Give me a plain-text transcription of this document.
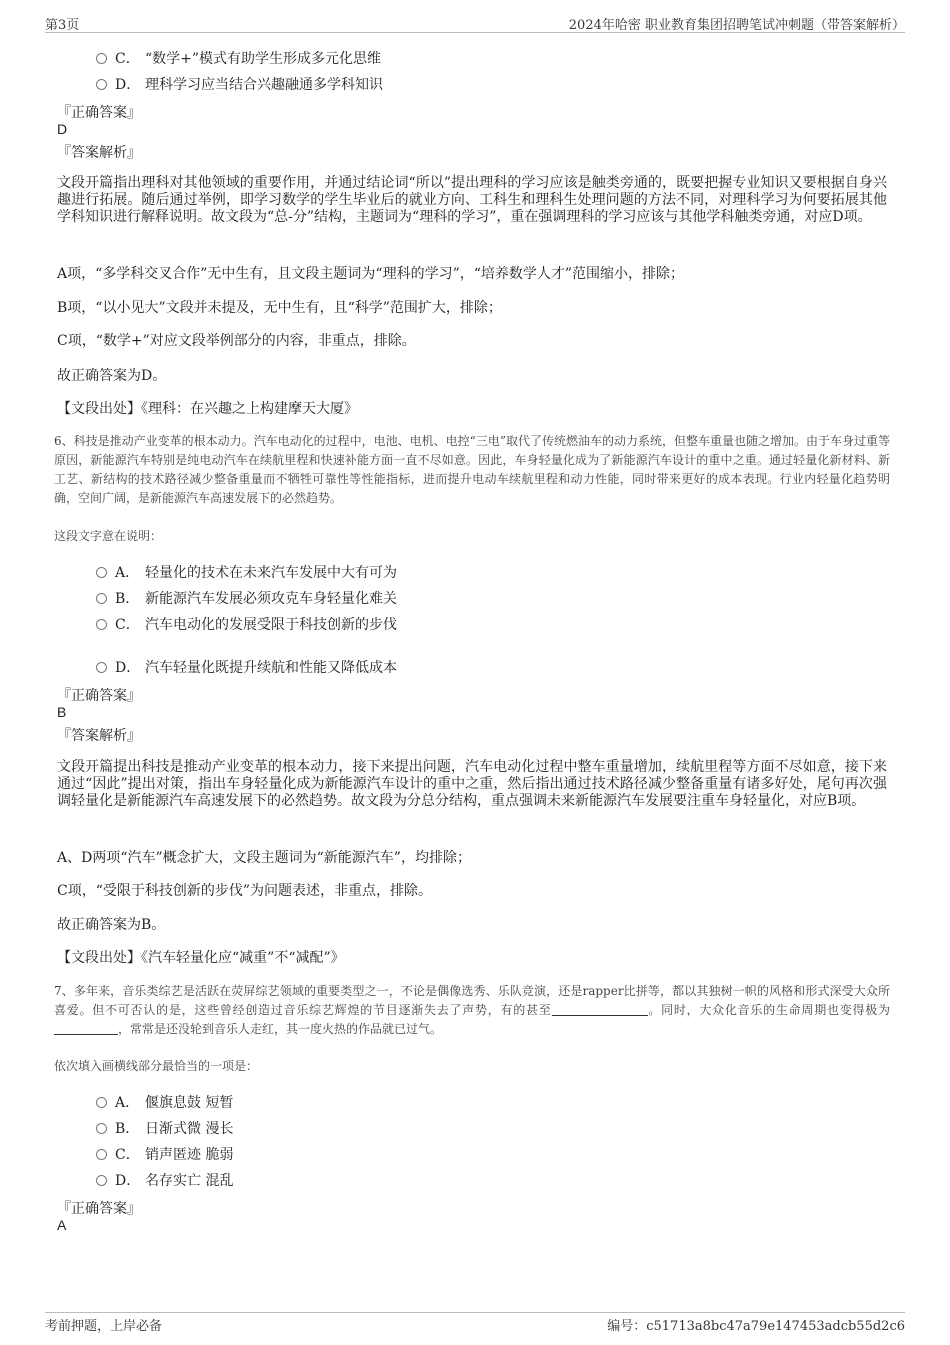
第3页	2024年哈密 职业教育集团招聘笔试冲刺题（带答案解析）
C． “数学+”模式有助学生形成多元化思维
D． 理科学习应当结合兴趣融通多学科知识
『正确答案』
D
『答案解析』
文段开篇指出理科对其他领域的重要作用，并通过结论词“所以”提出理科的学习应该是触类旁通的，既要把握专业知识又要根据自身兴趣进行拓展。随后通过举例，即学习数学的学生毕业后的就业方向、工科生和理科生处理问题的方法不同，对理科学习为何要拓展其他学科知识进行解释说明。故文段为“总-分”结构，主题词为“理科的学习”，重在强调理科的学习应该与其他学科触类旁通，对应D项。
A项，“多学科交叉合作”无中生有，且文段主题词为“理科的学习”，“培养数学人才”范围缩小，排除；
B项，“以小见大”文段并未提及，无中生有，且“科学”范围扩大，排除；
C项，“数学+”对应文段举例部分的内容，非重点，排除。
故正确答案为D。
【文段出处】《理科：在兴趣之上构建摩天大厦》
6、科技是推动产业变革的根本动力。汽车电动化的过程中，电池、电机、电控“三电”取代了传统燃油车的动力系统，但整车重量也随之增加。由于车身过重等原因，新能源汽车特别是纯电动汽车在续航里程和快速补能方面一直不尽如意。因此，车身轻量化成为了新能源汽车设计的重中之重。通过轻量化新材料、新工艺、新结构的技术路径减少整备重量而不牺牲可靠性等性能指标，进而提升电动车续航里程和动力性能，同时带来更好的成本表现。行业内轻量化趋势明确，空间广阔，是新能源汽车高速发展下的必然趋势。
这段文字意在说明：
A． 轻量化的技术在未来汽车发展中大有可为
B． 新能源汽车发展必须攻克车身轻量化难关
C． 汽车电动化的发展受限于科技创新的步伐
D． 汽车轻量化既提升续航和性能又降低成本
『正确答案』
B
『答案解析』
文段开篇提出科技是推动产业变革的根本动力，接下来提出问题，汽车电动化过程中整车重量增加，续航里程等方面不尽如意，接下来通过“因此”提出对策，指出车身轻量化成为新能源汽车设计的重中之重，然后指出通过技术路径减少整备重量有诸多好处，尾句再次强调轻量化是新能源汽车高速发展下的必然趋势。故文段为分总分结构，重点强调未来新能源汽车发展要注重车身轻量化，对应B项。
A、D两项“汽车”概念扩大，文段主题词为“新能源汽车”，均排除；
C项，“受限于科技创新的步伐”为问题表述，非重点，排除。
故正确答案为B。
【文段出处】《汽车轻量化应“减重”不“减配”》
7、多年来，音乐类综艺是活跃在荧屏综艺领域的重要类型之一，不论是偶像选秀、乐队竞演，还是rapper比拼等，都以其独树一帜的风格和形式深受大众所喜爱。但不可否认的是，这些曾经创造过音乐综艺辉煌的节目逐渐失去了声势，有的甚至	。同时，大众化音乐的生命周期也变得极为，常常是还没轮到音乐人走红，其一度火热的作品就已过气。
依次填入画横线部分最恰当的一项是：
A． 偃旗息鼓 短暂
B． 日渐式微 漫长
C． 销声匿迹 脆弱
D． 名存实亡 混乱
『正确答案』
A
考前押题，上岸必备	编号：c51713a8bc47a79e147453adcb55d2c6
